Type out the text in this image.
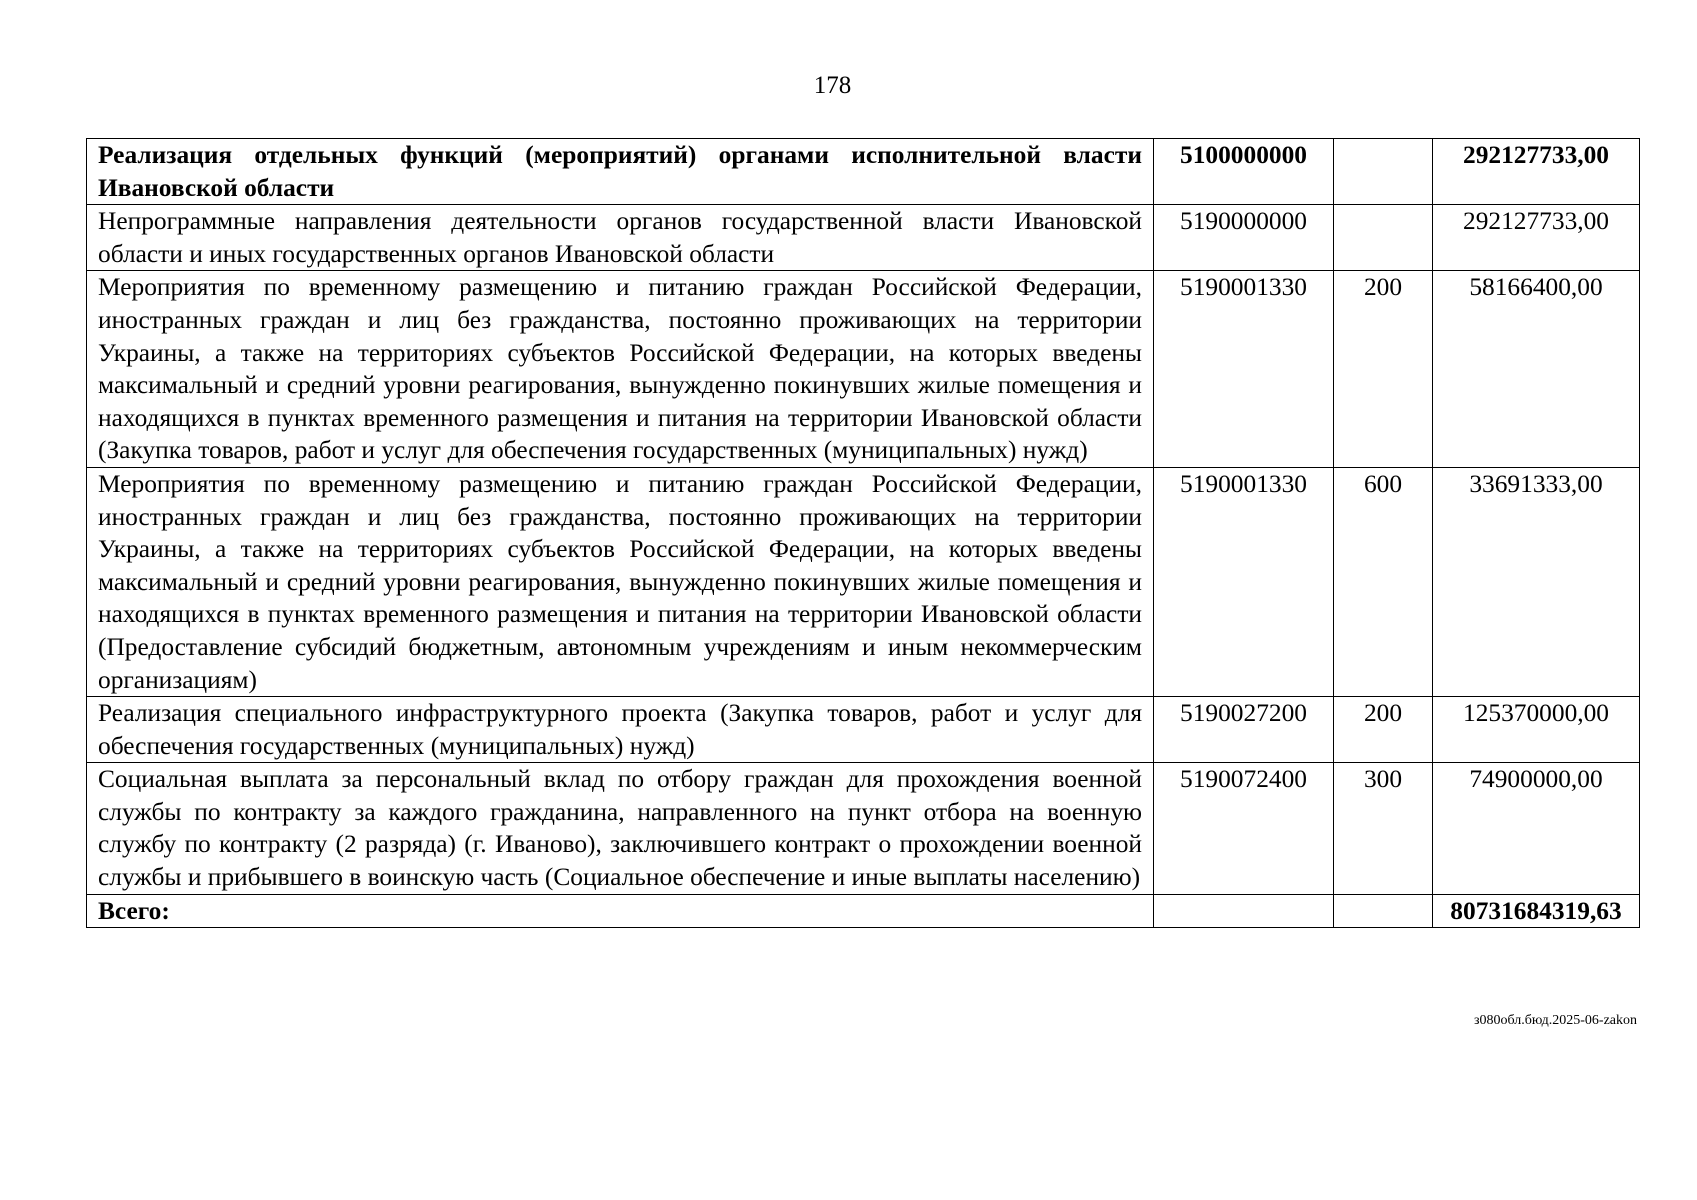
178
Реализация отдельных функций (мероприятий) органами исполнительной власти Ивановской области	5100000000		292127733,00
Непрограммные направления деятельности органов государственной власти Ивановской области и иных государственных органов Ивановской области	5190000000		292127733,00
Мероприятия по временному размещению и питанию граждан Российской Федерации, иностранных граждан и лиц без гражданства, постоянно проживающих на территории Украины, а также на территориях субъектов Российской Федерации, на которых введены максимальный и средний уровни реагирования, вынужденно покинувших жилые помещения и находящихся в пунктах временного размещения и питания на территории Ивановской области (Закупка товаров, работ и услуг для обеспечения государственных (муниципальных) нужд)	5190001330	200	58166400,00
Мероприятия по временному размещению и питанию граждан Российской Федерации, иностранных граждан и лиц без гражданства, постоянно проживающих на территории Украины, а также на территориях субъектов Российской Федерации, на которых введены максимальный и средний уровни реагирования, вынужденно покинувших жилые помещения и находящихся в пунктах временного размещения и питания на территории Ивановской области (Предоставление субсидий бюджетным, автономным учреждениям и иным некоммерческим организациям)	5190001330	600	33691333,00
Реализация специального инфраструктурного проекта (Закупка товаров, работ и услуг для обеспечения государственных (муниципальных) нужд)	5190027200	200	125370000,00
Социальная выплата за персональный вклад по отбору граждан для прохождения военной службы по контракту за каждого гражданина, направленного на пункт отбора на военную службу по контракту (2 разряда) (г. Иваново), заключившего контракт о прохождении военной службы и прибывшего в воинскую часть (Социальное обеспечение и иные выплаты населению)	5190072400	300	74900000,00
Всего:			80731684319,63
з080обл.бюд.2025-06-zakon
